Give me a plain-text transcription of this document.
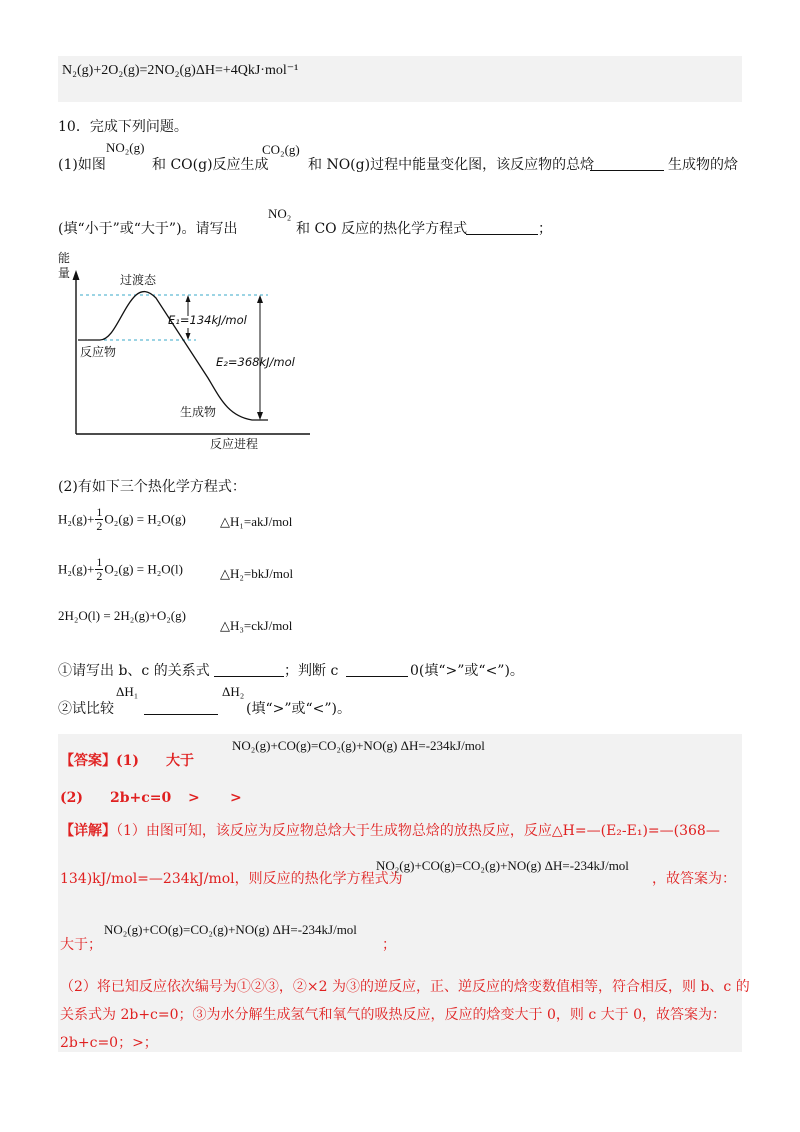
N₂(g)+2O₂(g)=2NO₂(g)ΔH=+4QkJ·mol⁻¹
10．完成下列问题。
(1)如图
NO₂(g)
和 CO(g)反应生成
CO₂(g)
和 NO(g)过程中能量变化图，该反应物的总焓	生成物的焓
(填“小于”或“大于”)。请写出
NO₂
和 CO 反应的热化学方程式	；
能
量	过渡态
E₁=134kJ/mol
E₂=368kJ/mol
反应物
生成物
反应进程
(2)有如下三个热化学方程式：
$H_2(g)+ \frac{1}{2} O_2(g) = H_2O(g)$	△H₁=akJ/mol
$H_2(g)+ \frac{1}{2} O_2(g) = H_2O(l)$	△H₂=bkJ/mol
2H₂O(l) = 2H₂(g)+O₂(g)
△H₃=ckJ/mol
①请写出 b、c 的关系式	；判断 c	0(填“>”或“<”)。
②试比较
ΔH₁	ΔH₂
(填“>”或“<”)。
【答案】(1) 大于
NO₂(g)+CO(g)=CO₂(g)+NO(g) ΔH=-234kJ/mol
(2) 2b+c=0 > >
【详解】（1）由图可知，该反应为反应物总焓大于生成物总焓的放热反应，反应△H=—(E₂-E₁)=—(368—
134)kJ/mol=—234kJ/mol，则反应的热化学方程式为
NO₂(g)+CO(g)=CO₂(g)+NO(g) ΔH=-234kJ/mol
，故答案为：
大于；
NO₂(g)+CO(g)=CO₂(g)+NO(g) ΔH=-234kJ/mol
；
（2）将已知反应依次编号为①②③，②×2 为③的逆反应，正、逆反应的焓变数值相等，符合相反，则 b、c 的
关系式为 2b+c=0；③为水分解生成氢气和氧气的吸热反应，反应的焓变大于 0，则 c 大于 0，故答案为：
2b+c=0；>；
